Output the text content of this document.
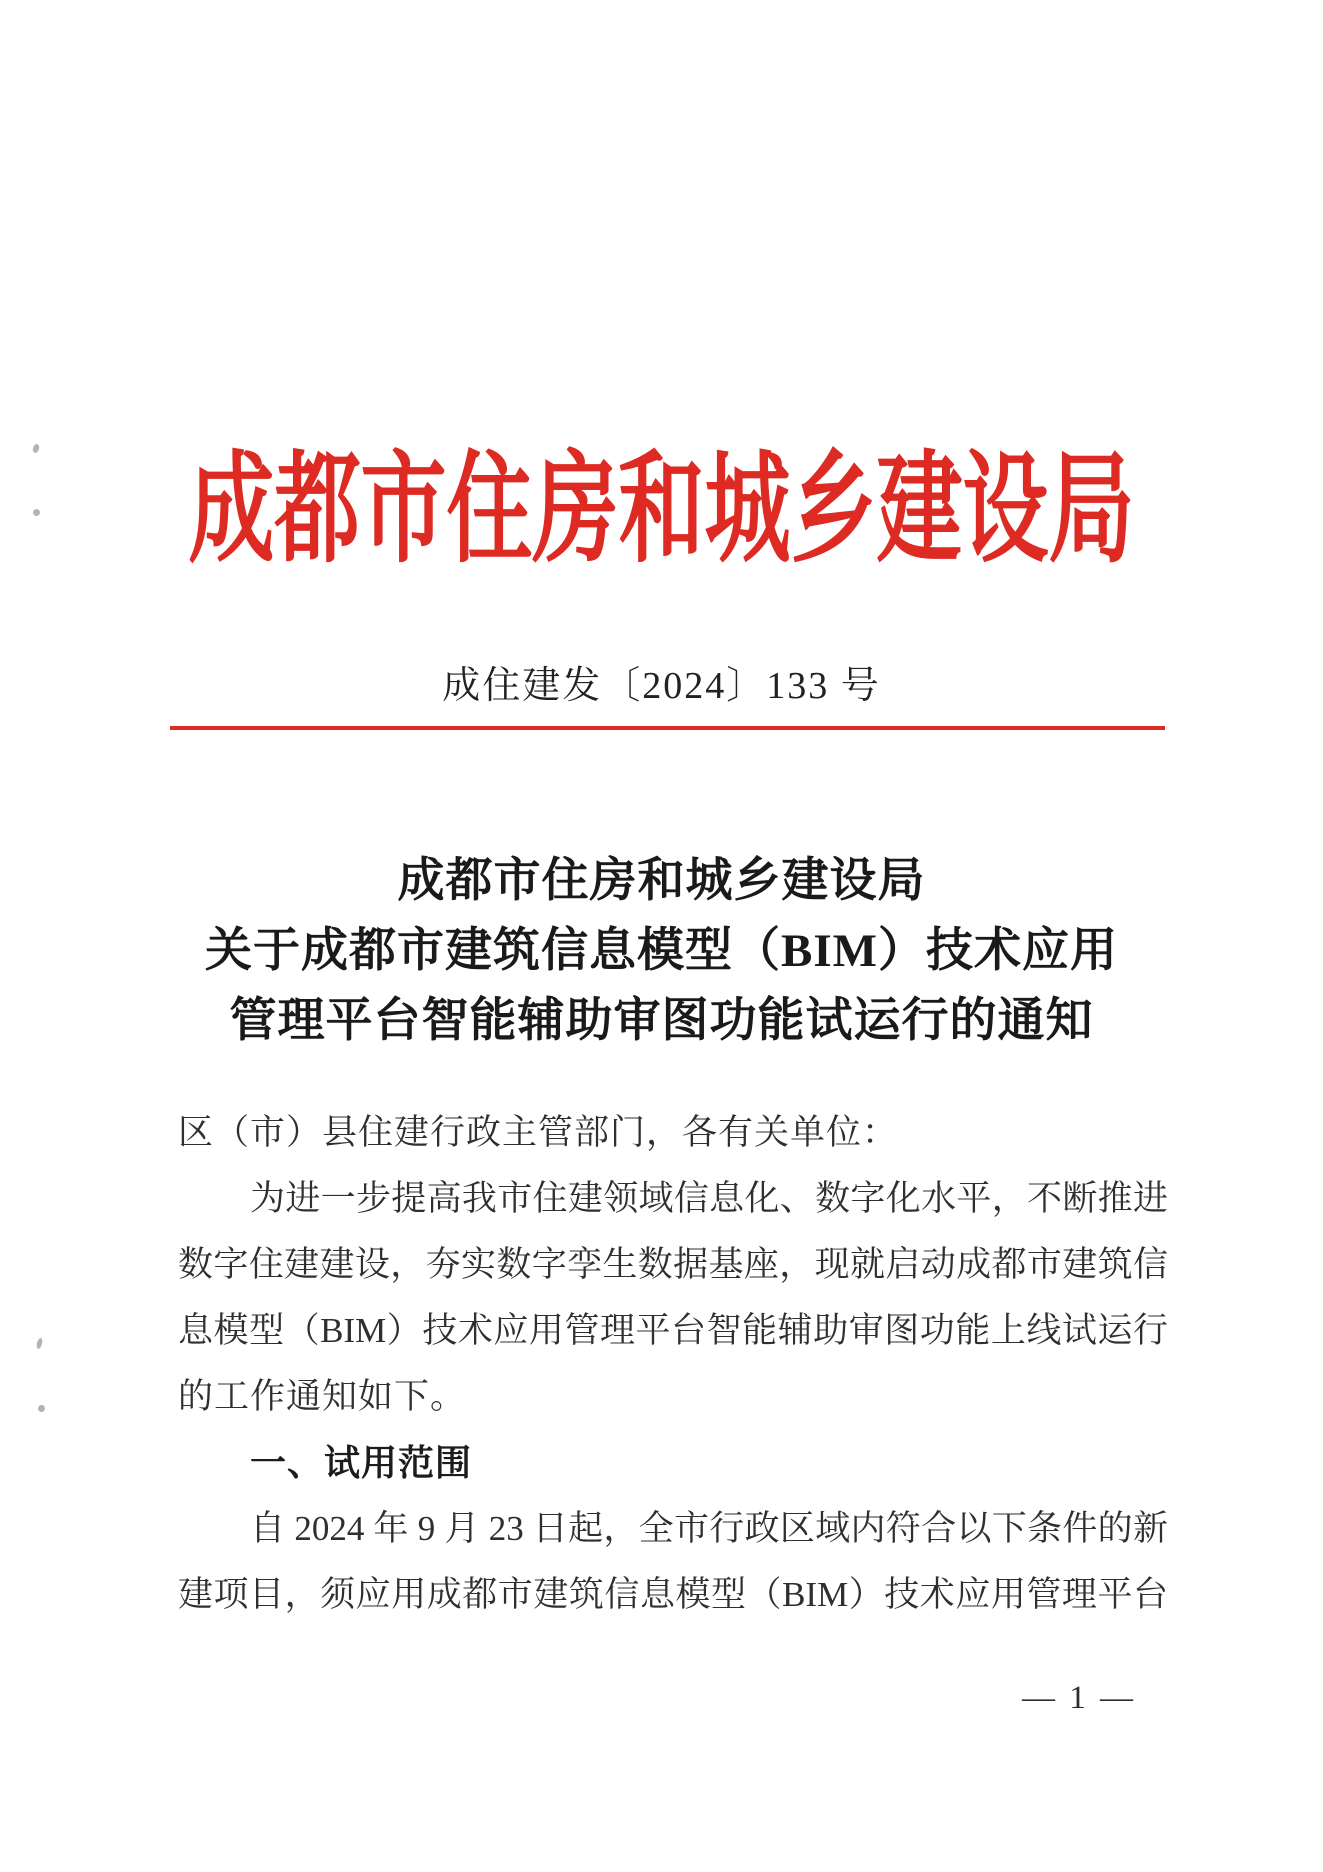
成都市住房和城乡建设局
成住建发〔2024〕133 号
成都市住房和城乡建设局
关于成都市建筑信息模型（BIM）技术应用
管理平台智能辅助审图功能试运行的通知
区（市）县住建行政主管部门，各有关单位：
为进一步提高我市住建领域信息化、数字化水平，不断推进
数字住建建设，夯实数字孪生数据基座，现就启动成都市建筑信
息模型（BIM）技术应用管理平台智能辅助审图功能上线试运行
的工作通知如下。
一、试用范围
自 2024 年 9 月 23 日起，全市行政区域内符合以下条件的新
建项目，须应用成都市建筑信息模型（BIM）技术应用管理平台
— 1 —
